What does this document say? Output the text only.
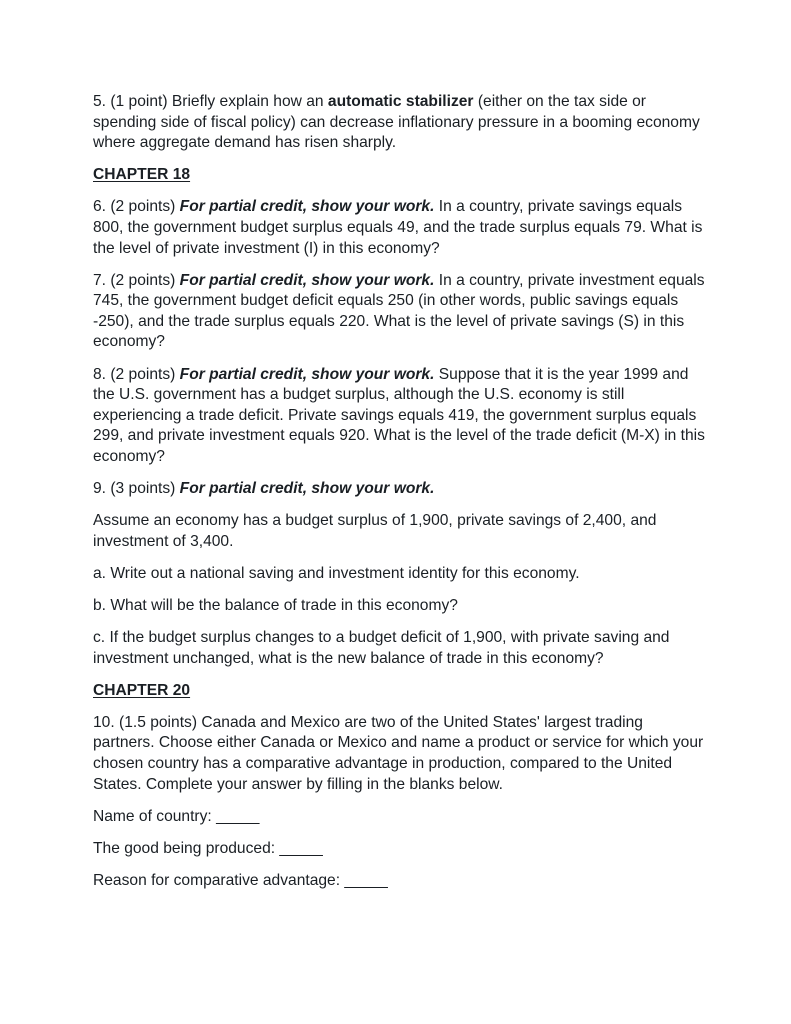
5. (1 point) Briefly explain how an automatic stabilizer (either on the tax side or spending side of fiscal policy) can decrease inflationary pressure in a booming economy where aggregate demand has risen sharply.

CHAPTER 18

6. (2 points) For partial credit, show your work. In a country, private savings equals 800, the government budget surplus equals 49, and the trade surplus equals 79. What is the level of private investment (I) in this economy?

7. (2 points) For partial credit, show your work. In a country, private investment equals 745, the government budget deficit equals 250 (in other words, public savings equals -250), and the trade surplus equals 220. What is the level of private savings (S) in this economy?

8. (2 points) For partial credit, show your work. Suppose that it is the year 1999 and the U.S. government has a budget surplus, although the U.S. economy is still experiencing a trade deficit. Private savings equals 419, the government surplus equals 299, and private investment equals 920. What is the level of the trade deficit (M-X) in this economy?

9. (3 points) For partial credit, show your work.

Assume an economy has a budget surplus of 1,900, private savings of 2,400, and investment of 3,400.

a. Write out a national saving and investment identity for this economy.

b. What will be the balance of trade in this economy?

c. If the budget surplus changes to a budget deficit of 1,900, with private saving and investment unchanged, what is the new balance of trade in this economy?

CHAPTER 20

10. (1.5 points) Canada and Mexico are two of the United States' largest trading partners. Choose either Canada or Mexico and name a product or service for which your chosen country has a comparative advantage in production, compared to the United States. Complete your answer by filling in the blanks below.

Name of country: _____

The good being produced: _____

Reason for comparative advantage: _____
